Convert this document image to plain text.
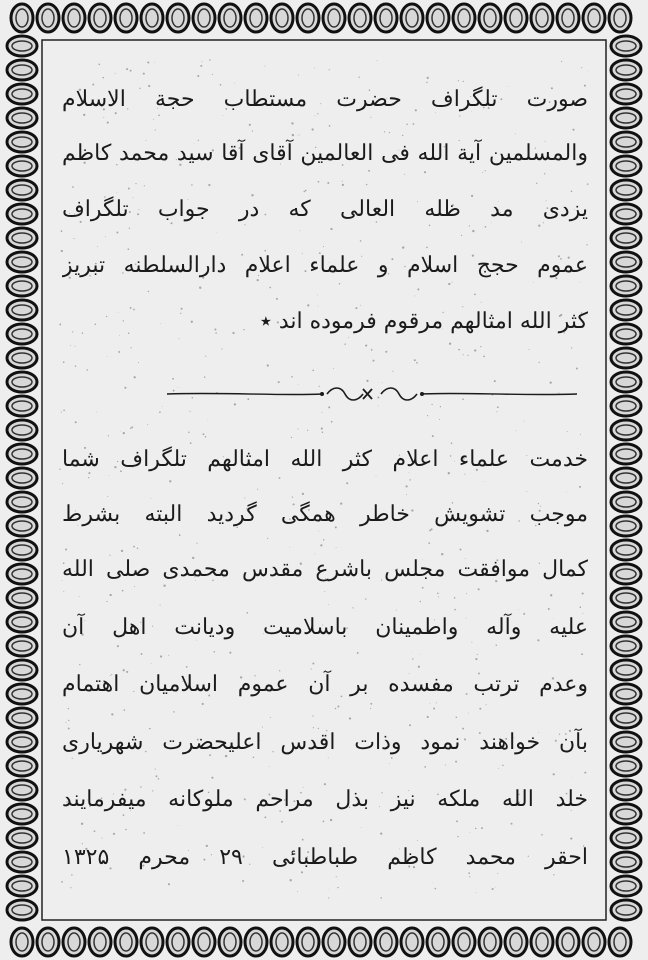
صورت تلگراف حضرت مستطاب حجة الاسلام
والمسلمین آیة الله فی العالمین آقای آقا سید محمد کاظم
یزدی مد ظله العالی که در جواب تلگراف
عموم حجج اسلام و علماء اعلام دارالسلطنه تبریز
کثر الله امثالهم مرقوم فرموده اند ٭
خدمت علماء اعلام کثر الله امثالهم تلگراف شما
موجب تشویش خاطر همگی گردید البته بشرط
کمال موافقت مجلس باشرع مقدس محمدی صلی الله
علیه وآله واطمینان باسلامیت ودیانت اهل آن
وعدم ترتب مفسده بر آن عموم اسلامیان اهتمام
بآن خواهند نمود وذات اقدس اعلیحضرت شهریاری
خلد الله ملکه نیز بذل مراحم ملوکانه میفرمایند
احقر محمد کاظم طباطبائی ۲۹ محرم ۱۳۲۵
